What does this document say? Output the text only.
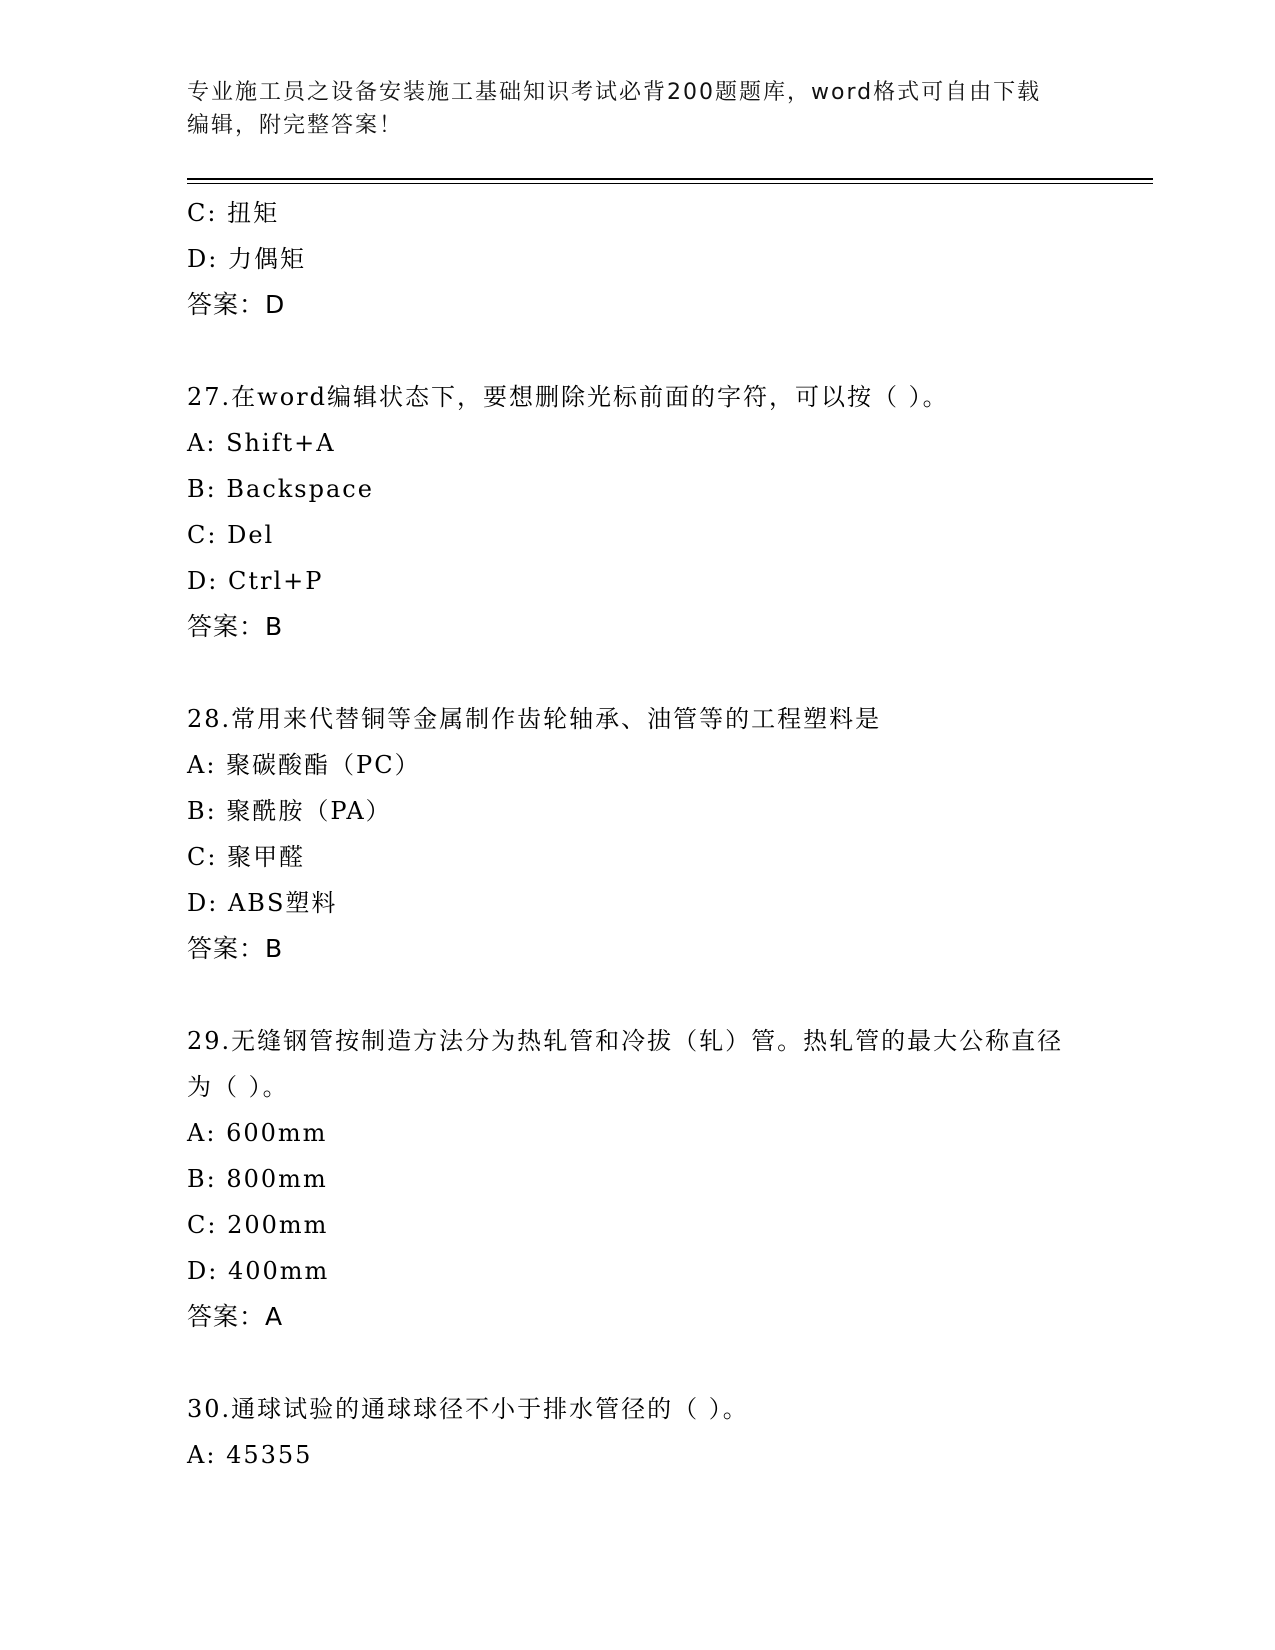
专业施工员之设备安装施工基础知识考试必背200题题库，word格式可自由下载
编辑，附完整答案！
C: 扭矩
D: 力偶矩
答案：D
27.在word编辑状态下，要想删除光标前面的字符，可以按（ ）。
A: Shift+A
B: Backspace
C: Del
D: Ctrl+P
答案：B
28.常用来代替铜等金属制作齿轮轴承、油管等的工程塑料是
A: 聚碳酸酯（PC）
B: 聚酰胺（PA）
C: 聚甲醛
D: ABS塑料
答案：B
29.无缝钢管按制造方法分为热轧管和冷拔（轧）管。热轧管的最大公称直径为（ ）。
A: 600mm
B: 800mm
C: 200mm
D: 400mm
答案：A
30.通球试验的通球球径不小于排水管径的（ ）。
A: 45355
